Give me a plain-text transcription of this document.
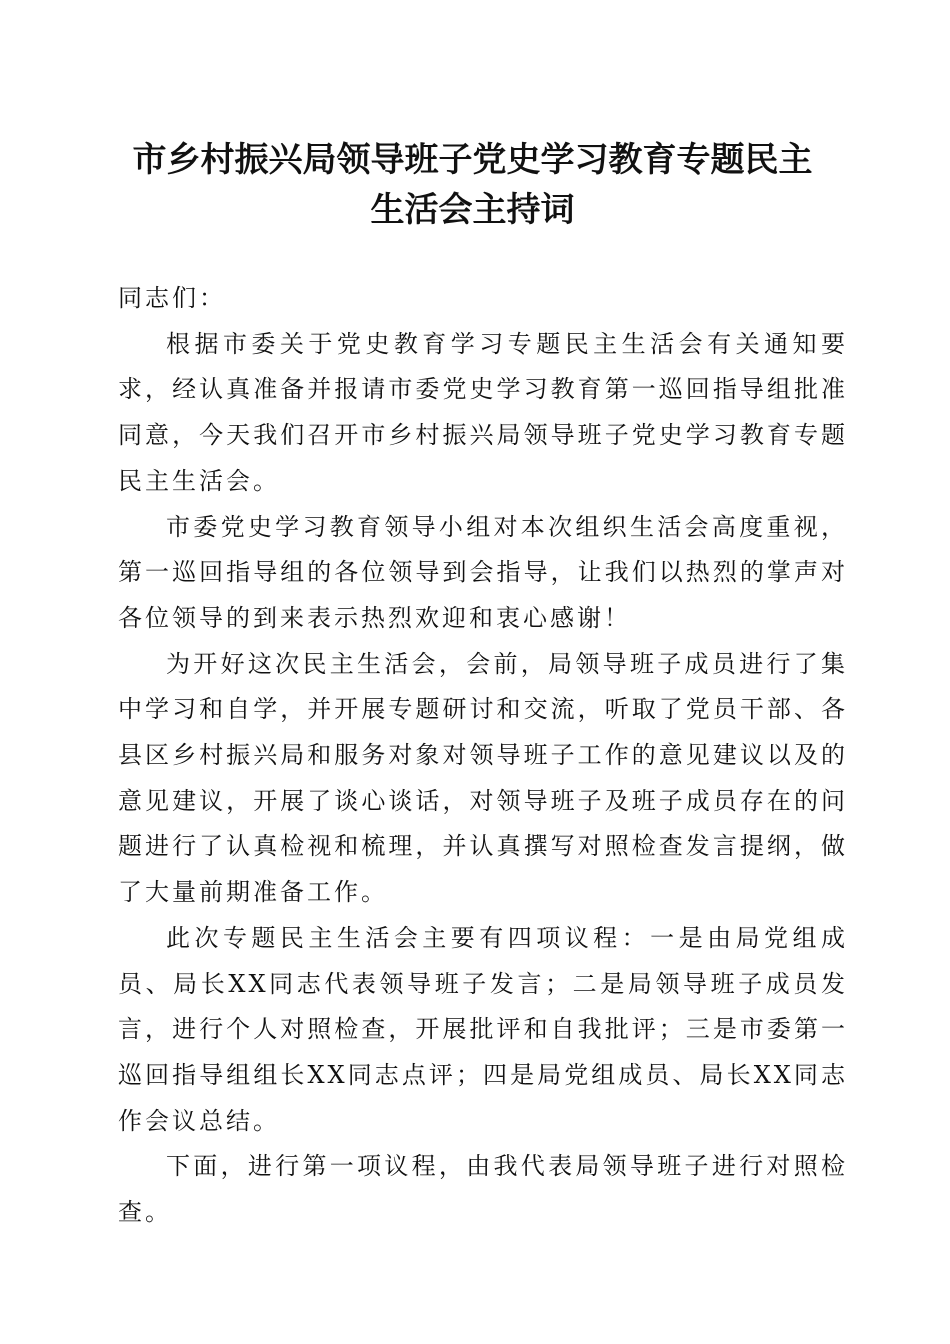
市乡村振兴局领导班子党史学习教育专题民主
生活会主持词

同志们：

根据市委关于党史教育学习专题民主生活会有关通知要求，经认真准备并报请市委党史学习教育第一巡回指导组批准同意，今天我们召开市乡村振兴局领导班子党史学习教育专题民主生活会。

市委党史学习教育领导小组对本次组织生活会高度重视，第一巡回指导组的各位领导到会指导，让我们以热烈的掌声对各位领导的到来表示热烈欢迎和衷心感谢！

为开好这次民主生活会，会前，局领导班子成员进行了集中学习和自学，并开展专题研讨和交流，听取了党员干部、各县区乡村振兴局和服务对象对领导班子工作的意见建议以及的意见建议，开展了谈心谈话，对领导班子及班子成员存在的问题进行了认真检视和梳理，并认真撰写对照检查发言提纲，做了大量前期准备工作。

此次专题民主生活会主要有四项议程：一是由局党组成员、局长XX同志代表领导班子发言；二是局领导班子成员发言，进行个人对照检查，开展批评和自我批评；三是市委第一巡回指导组组长XX同志点评；四是局党组成员、局长XX同志作会议总结。

下面，进行第一项议程，由我代表局领导班子进行对照检查。
